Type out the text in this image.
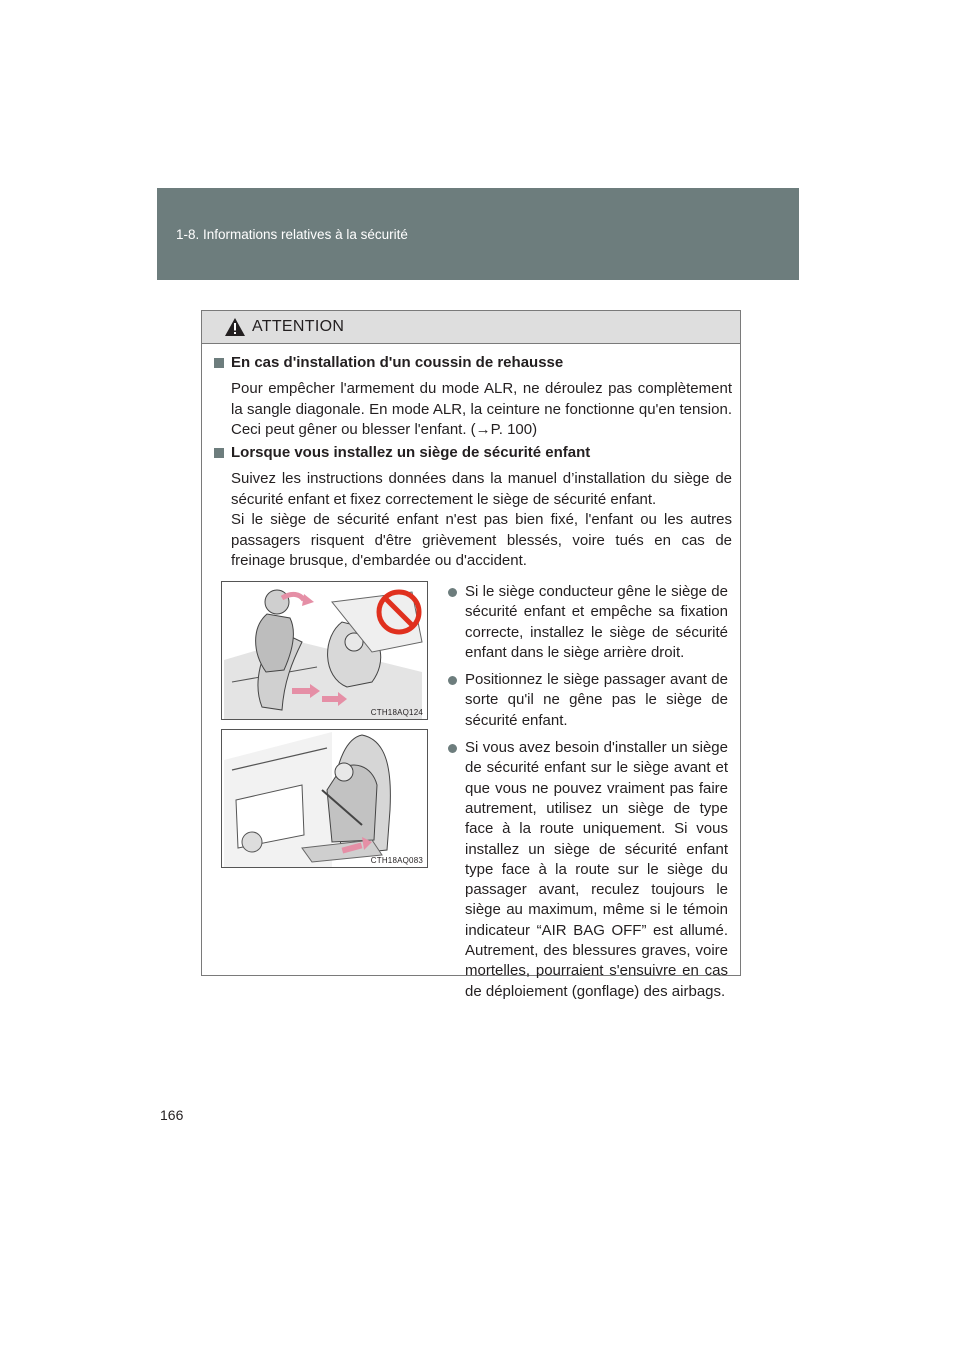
1-8. Informations relatives à la sécurité
ATTENTION
En cas d'installation d'un coussin de rehausse

Pour empêcher l'armement du mode ALR, ne déroulez pas complètement la sangle diagonale. En mode ALR, la ceinture ne fonctionne qu'en tension. Ceci peut gêner ou blesser l'enfant. (→P. 100)

Lorsque vous installez un siège de sécurité enfant

Suivez les instructions données dans la manuel d’installation du siège de sécurité enfant et fixez correctement le siège de sécurité enfant.

Si le siège de sécurité enfant n'est pas bien fixé, l'enfant ou les autres passagers risquent d'être grièvement blessés, voire tués en cas de freinage brusque, d'embardée ou d'accident.

CTH18AQ124
CTH18AQ083
Si le siège conducteur gêne le siège de sécurité enfant et empêche sa fixation correcte, installez le siège de sécurité enfant dans le siège arrière droit.
Positionnez le siège passager avant de sorte qu'il ne gêne pas le siège de sécurité enfant.
Si vous avez besoin d'installer un siège de sécurité enfant sur le siège avant et que vous ne pouvez vraiment pas faire autrement, utilisez un siège de type face à la route uniquement. Si vous installez un siège de sécurité enfant type face à la route sur le siège du passager avant, reculez toujours le siège au maximum, même si le témoin indicateur “AIR BAG OFF” est allumé. Autrement, des blessures graves, voire mortelles, pourraient s'ensuivre en cas de déploiement (gonflage) des airbags.
166
